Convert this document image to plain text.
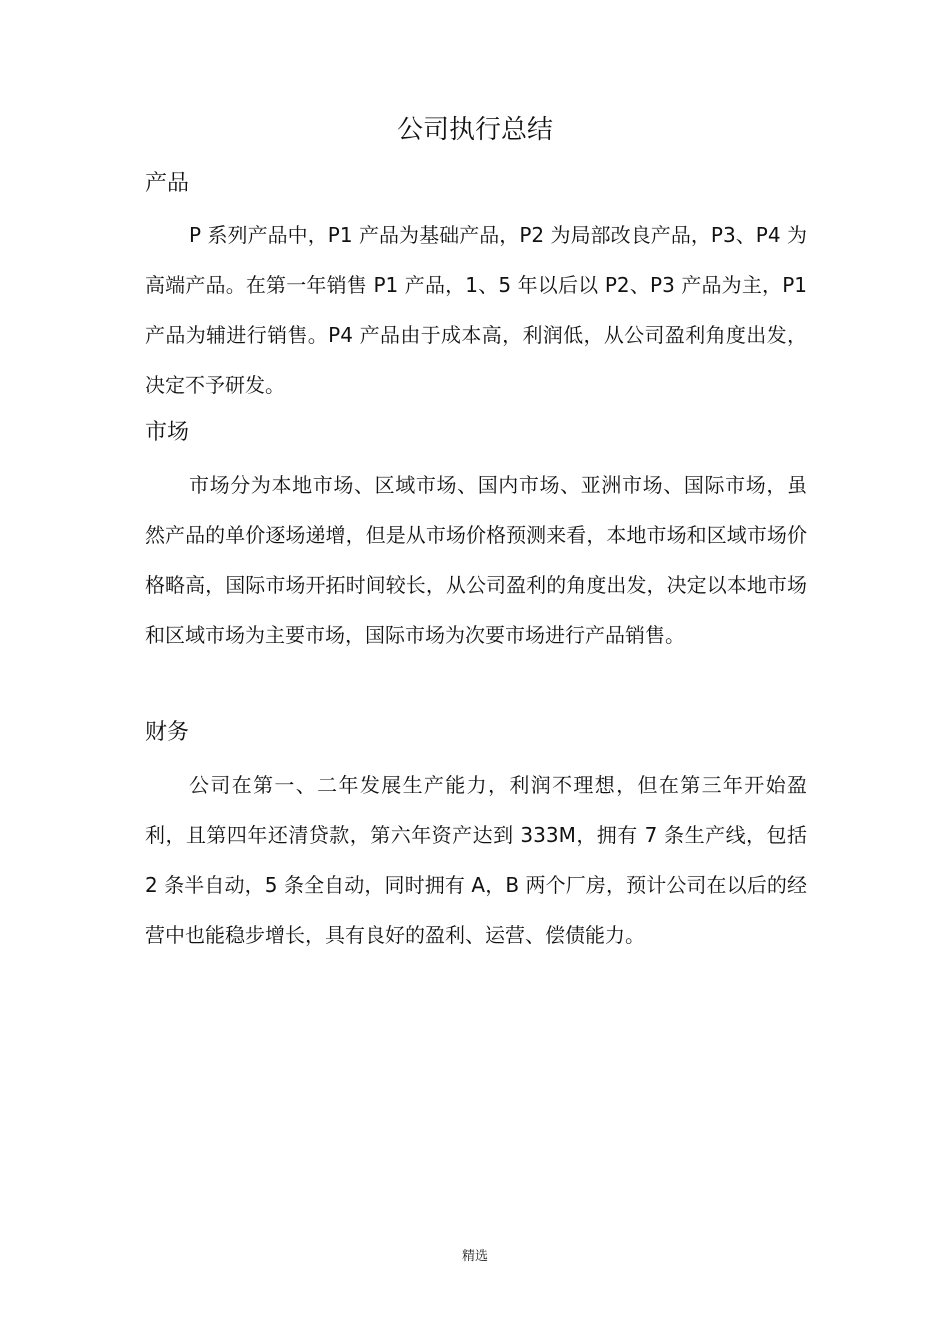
公司执行总结
产品

P 系列产品中，P1 产品为基础产品，P2 为局部改良产品，P3、P4 为高端产品。在第一年销售 P1 产品，1、5 年以后以 P2、P3 产品为主，P1 产品为辅进行销售。P4 产品由于成本高，利润低，从公司盈利角度出发，决定不予研发。

市场

市场分为本地市场、区域市场、国内市场、亚洲市场、国际市场，虽然产品的单价逐场递增，但是从市场价格预测来看，本地市场和区域市场价格略高，国际市场开拓时间较长，从公司盈利的角度出发，决定以本地市场和区域市场为主要市场，国际市场为次要市场进行产品销售。

财务

公司在第一、二年发展生产能力，利润不理想，但在第三年开始盈利，且第四年还清贷款，第六年资产达到 333M，拥有 7 条生产线，包括 2 条半自动，5 条全自动，同时拥有 A，B 两个厂房，预计公司在以后的经营中也能稳步增长，具有良好的盈利、运营、偿债能力。

精选
